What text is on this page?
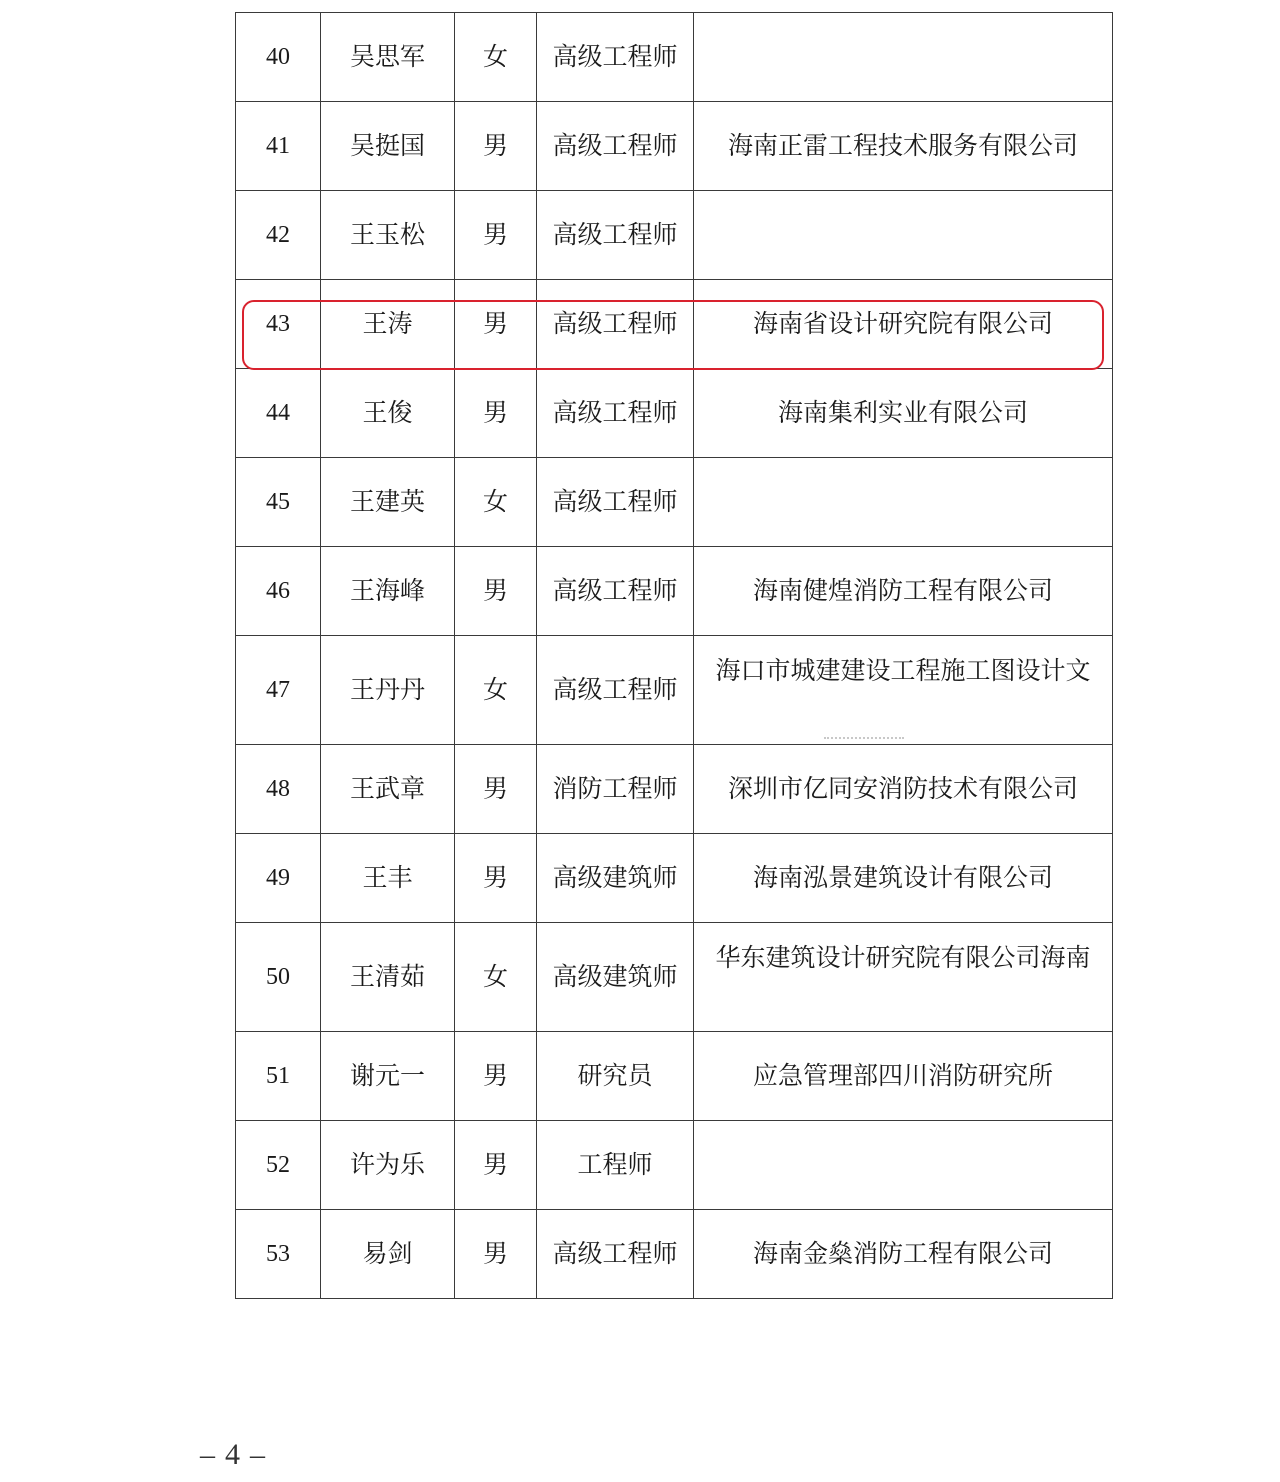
40	吴思军	女	高级工程师	
41	吴挺国	男	高级工程师	海南正雷工程技术服务有限公司
42	王玉松	男	高级工程师	
43	王涛	男	高级工程师	海南省设计研究院有限公司
44	王俊	男	高级工程师	海南集利实业有限公司
45	王建英	女	高级工程师	
46	王海峰	男	高级工程师	海南健煌消防工程有限公司
47	王丹丹	女	高级工程师	海口市城建建设工程施工图设计文

48	王武章	男	消防工程师	深圳市亿同安消防技术有限公司
49	王丰	男	高级建筑师	海南泓景建筑设计有限公司
50	王清茹	女	高级建筑师	华东建筑设计研究院有限公司海南
51	谢元一	男	研究员	应急管理部四川消防研究所
52	许为乐	男	工程师	
53	易剑	男	高级工程师	海南金燊消防工程有限公司
– 4 –
